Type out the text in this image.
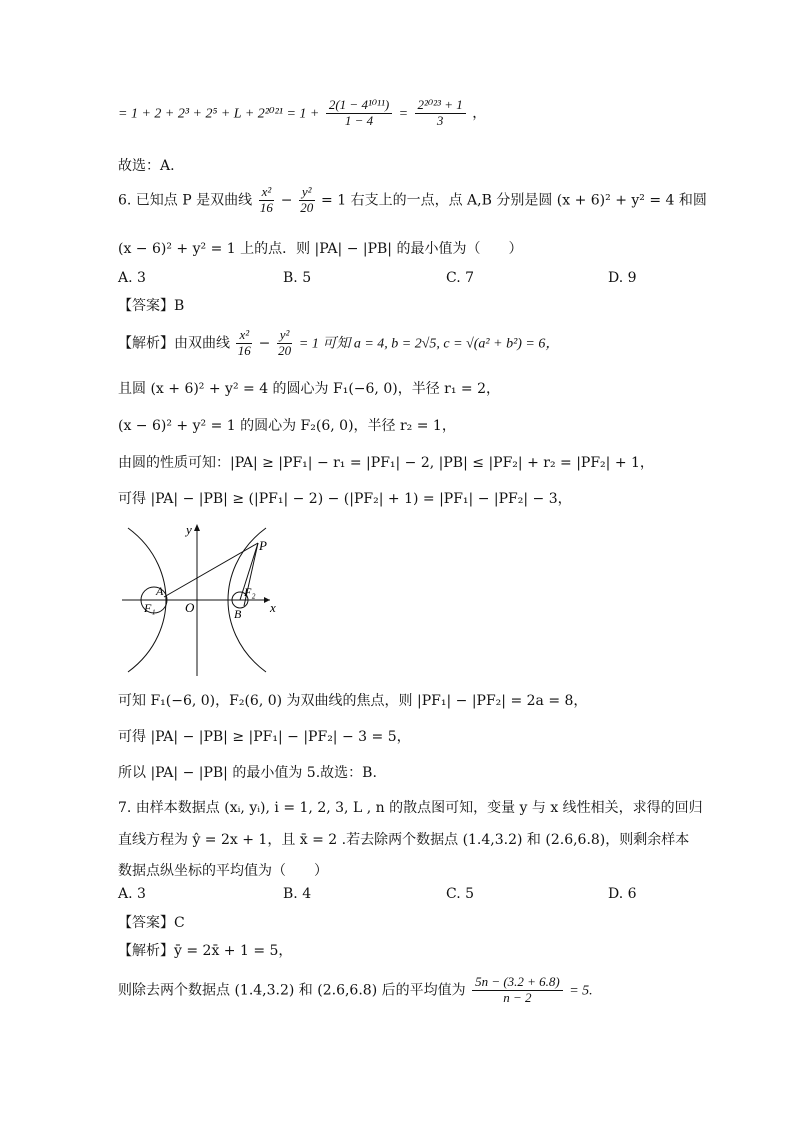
= $1 + 2 + 2^3 + 2^5 + L + 2^{2021} = 1 + \frac{\text{2(1 − 4¹⁰¹¹)}}{1 - 4} = \frac{\text{2²⁰²³ + 1}}{3}$ ，
故选：A.
6. 已知点 P 是双曲线 $\frac{\text{x²}}{16} - \frac{\text{y²}}{20} = 1$ 右支上的一点，点 A,B 分别是圆 (x + 6)² + y² = 4 和圆
(x − 6)² + y² = 1 上的点．则 |PA| − |PB| 的最小值为（　　）
A. 3	B. 5	C. 7	D. 9
【答案】B
【解析】由双曲线 $\frac{\text{x²}}{16} - \frac{\text{y²}}{20} = 1$ 可知 a = 4, b = 2√5, c = √(a² + b²) = 6，
且圆 (x + 6)² + y² = 4 的圆心为 F₁(−6, 0)，半径 r₁ = 2，
(x − 6)² + y² = 1 的圆心为 F₂(6, 0)，半径 r₂ = 1，
由圆的性质可知：|PA| ≥ |PF₁| − r₁ = |PF₁| − 2, |PB| ≤ |PF₂| + r₂ = |PF₂| + 1，
可得 |PA| − |PB| ≥ (|PF₁| − 2) − (|PF₂| + 1) = |PF₁| − |PF₂| − 3，
y
x
P
A
F₁ O
F₂
B
可知 F₁(−6, 0)，F₂(6, 0) 为双曲线的焦点，则 |PF₁| − |PF₂| = 2a = 8，
可得 |PA| − |PB| ≥ |PF₁| − |PF₂| − 3 = 5，
所以 |PA| − |PB| 的最小值为 5.故选：B.
7. 由样本数据点 (xᵢ, yᵢ), i = 1, 2, 3, L , n 的散点图可知，变量 y 与 x 线性相关，求得的回归
直线方程为 ŷ = 2x + 1，且 x̄ = 2 .若去除两个数据点 (1.4,3.2) 和 (2.6,6.8)，则剩余样本
数据点纵坐标的平均值为（　　）
A. 3	B. 4	C. 5	D. 6
【答案】C
【解析】ȳ = 2x̄ + 1 = 5，
则除去两个数据点 (1.4,3.2) 和 (2.6,6.8) 后的平均值为 $\frac{5n - (3.2 + 6.8)}{n - 2} = 5$.
